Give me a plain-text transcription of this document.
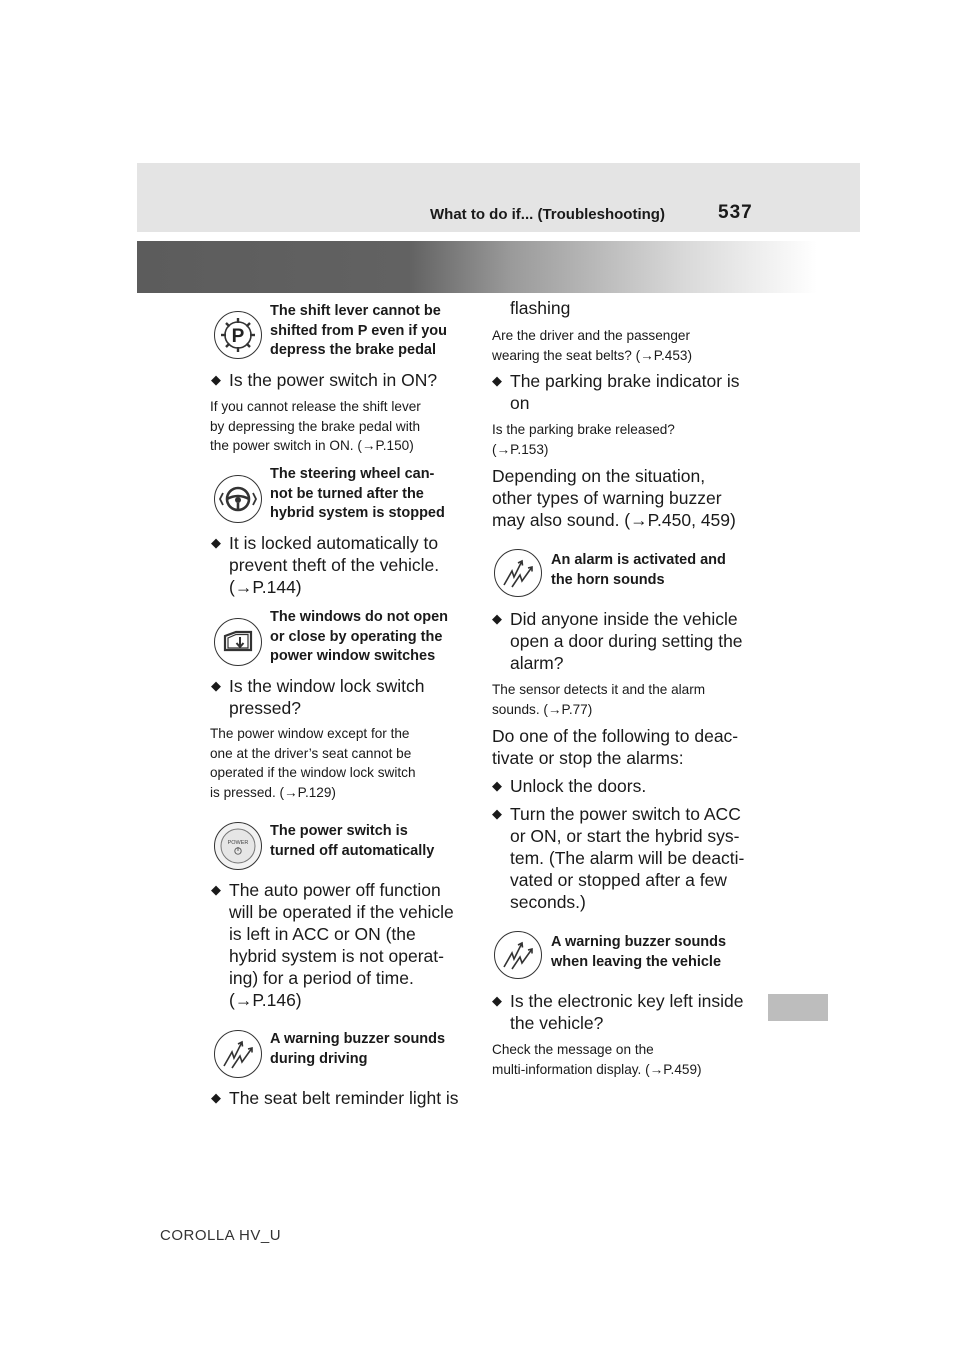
What to do if... (Troubleshooting)	537
P
The shift lever cannot be
shifted from P even if you
depress the brake pedal
◆ Is the power switch in ON?
If you cannot release the shift lever
by depressing the brake pedal with
the power switch in ON. (→P.150)
The steering wheel can-
not be turned after the
hybrid system is stopped
◆ It is locked automatically to
prevent theft of the vehicle.
(→P.144)
The windows do not open
or close by operating the
power window switches
◆ Is the window lock switch
pressed?
The power window except for the
one at the driver’s seat cannot be
operated if the window lock switch
is pressed. (→P.129)
POWER
The power switch is
turned off automatically
◆ The auto power off function
will be operated if the vehicle
is left in ACC or ON (the
hybrid system is not operat-
ing) for a period of time.
(→P.146)
A warning buzzer sounds
during driving
◆ The seat belt reminder light is
flashing
Are the driver and the passenger
wearing the seat belts? (→P.453)
◆ The parking brake indicator is
on
Is the parking brake released?
(→P.153)
Depending on the situation,
other types of warning buzzer
may also sound. (→P.450, 459)
An alarm is activated and
the horn sounds
◆ Did anyone inside the vehicle
open a door during setting the
alarm?
The sensor detects it and the alarm
sounds. (→P.77)
Do one of the following to deac-
tivate or stop the alarms:
◆ Unlock the doors.
◆ Turn the power switch to ACC
or ON, or start the hybrid sys-
tem. (The alarm will be deacti-
vated or stopped after a few
seconds.)
A warning buzzer sounds
when leaving the vehicle
◆ Is the electronic key left inside
the vehicle?
Check the message on the
multi-information display. (→P.459)
COROLLA HV_U
